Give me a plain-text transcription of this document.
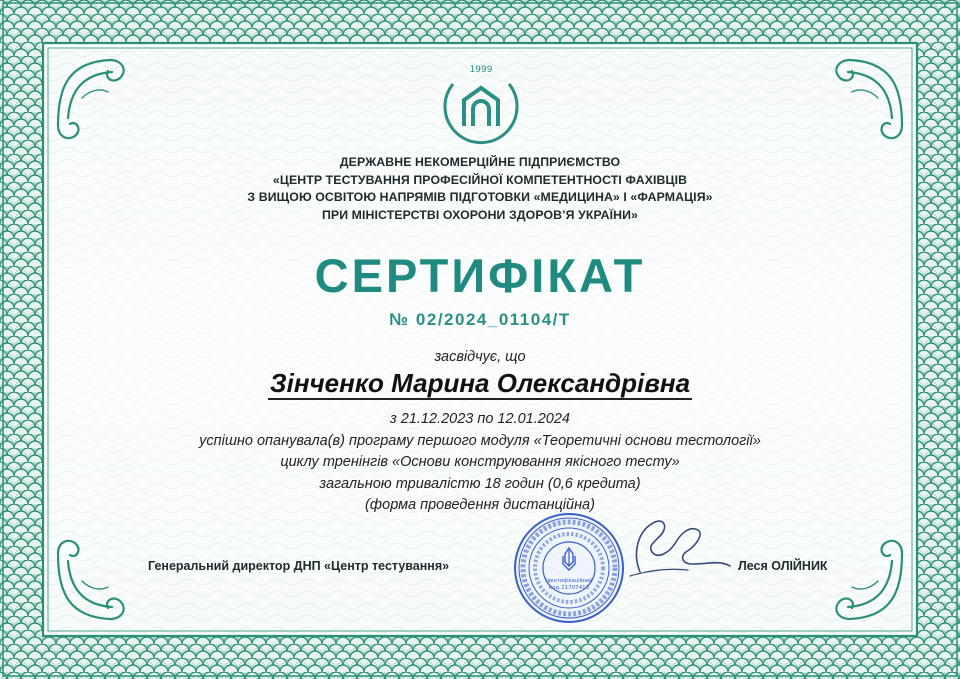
1999
ДЕРЖАВНЕ НЕКОМЕРЦІЙНЕ ПІДПРИЄМСТВО
«ЦЕНТР ТЕСТУВАННЯ ПРОФЕСІЙНОЇ КОМПЕТЕНТНОСТІ ФАХІВЦІВ
З ВИЩОЮ ОСВІТОЮ НАПРЯМІВ ПІДГОТОВКИ «МЕДИЦИНА» І «ФАРМАЦІЯ»
ПРИ МІНІСТЕРСТВІ ОХОРОНИ ЗДОРОВ’Я УКРАЇНИ»
СЕРТИФІКАТ
№ 02/2024_01104/Т
засвідчує, що
Зінченко Марина Олександрівна
з 21.12.2023 по 12.01.2024
успішно опанувала(в) програму першого модуля «Теоретичні основи тестології»
циклу тренінгів «Основи конструювання якісного тесту»
загальною тривалістю 18 годин (0,6 кредита)
(форма проведення дистанційна)
Генеральний директор ДНП «Центр тестування»
Ідентифікаційний
код 21707413
Леся ОЛІЙНИК
